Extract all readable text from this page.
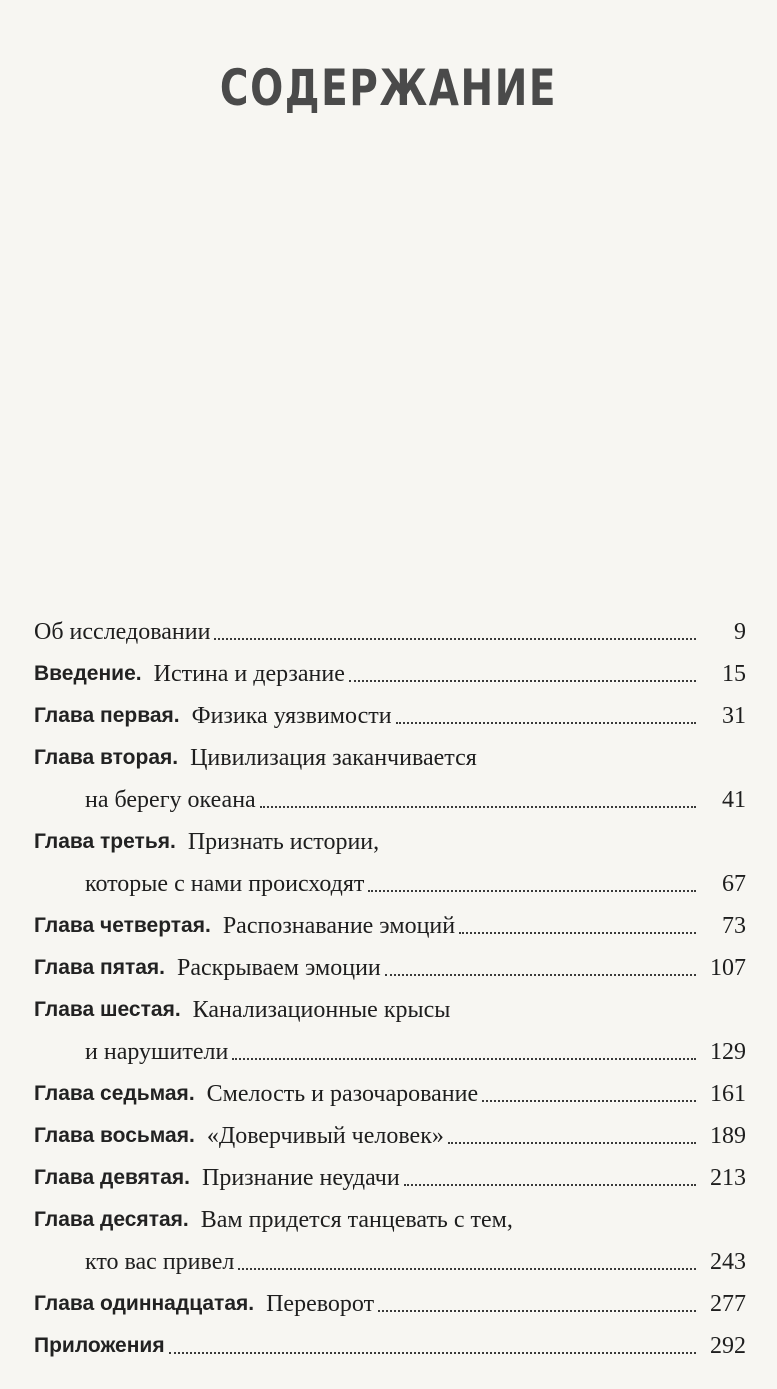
СОДЕРЖАНИЕ
Об исследовании	9
Введение. Истина и дерзание	15
Глава первая. Физика уязвимости	31
Глава вторая. Цивилизация заканчивается
на берегу океана	41
Глава третья. Признать истории,
которые с нами происходят	67
Глава четвертая. Распознавание эмоций	73
Глава пятая. Раскрываем эмоции	107
Глава шестая. Канализационные крысы
и нарушители	129
Глава седьмая. Смелость и разочарование	161
Глава восьмая. «Доверчивый человек»	189
Глава девятая. Признание неудачи	213
Глава десятая. Вам придется танцевать с тем,
кто вас привел	243
Глава одиннадцатая. Переворот	277
Приложения	292
